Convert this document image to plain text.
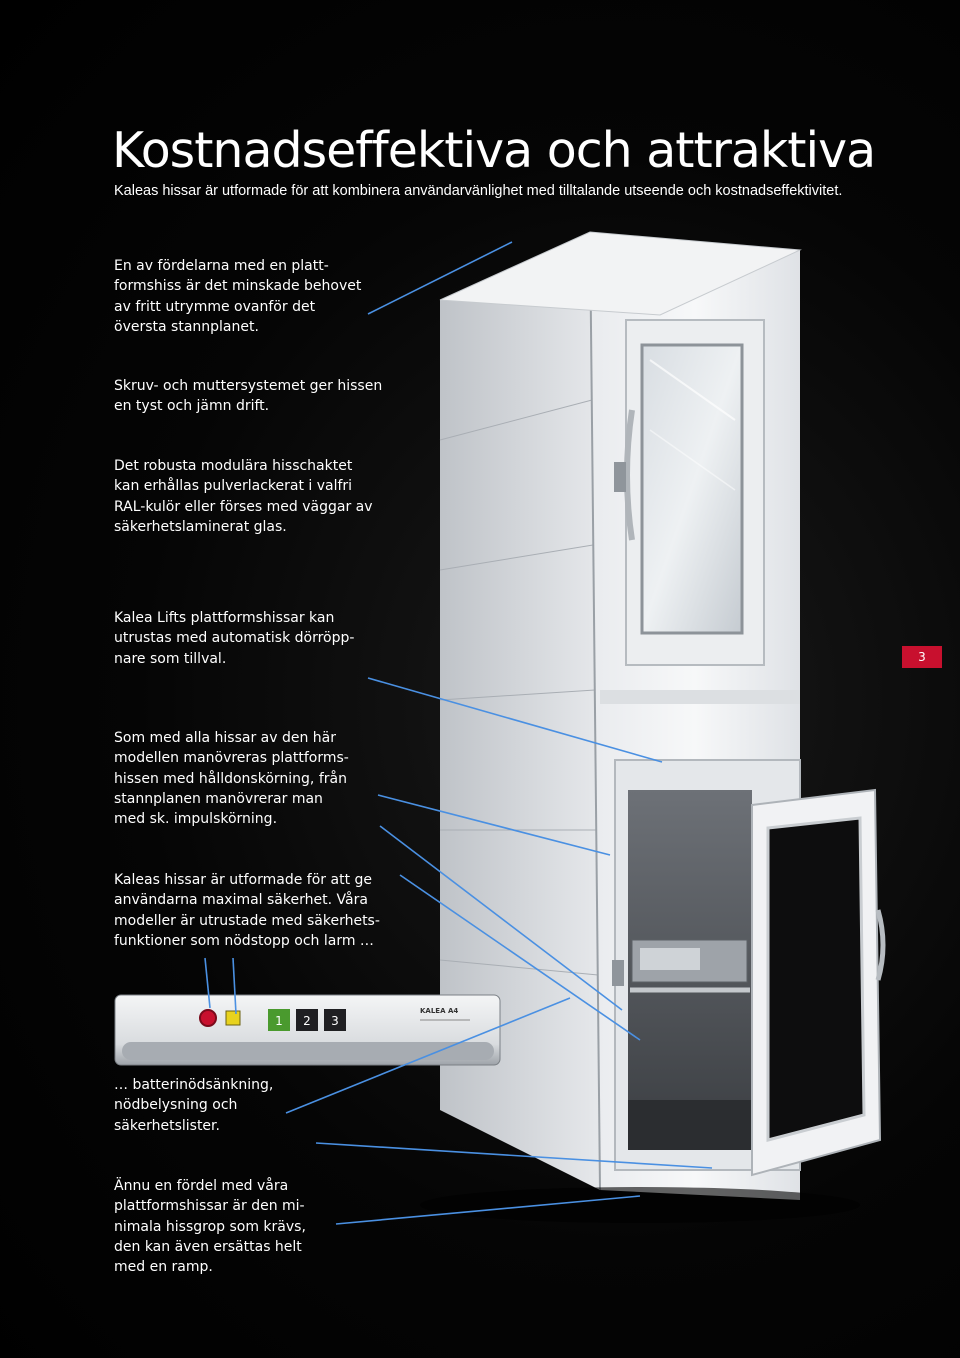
1 2 3
KALEA A4
Kostnadseffektiva och attraktiva
Kaleas hissar är utformade för att kombinera användarvänlighet med tilltalande utseende och kostnadseffektivitet.
En av fördelarna med en platt-
formshiss är det minskade behovet
av fritt utrymme ovanför det
översta stannplanet.
Skruv- och muttersystemet ger hissen
en tyst och jämn drift.
Det robusta modulära hisschaktet
kan erhållas pulverlackerat i valfri
RAL-kulör eller förses med väggar av
säkerhetslaminerat glas.
Kalea Lifts plattformshissar kan
utrustas med automatisk dörröpp-
nare som tillval.
Som med alla hissar av den här
modellen manövreras plattforms-
hissen med hålldonskörning, från
stannplanen manövrerar man
med sk. impulskörning.
Kaleas hissar är utformade för att ge
användarna maximal säkerhet. Våra
modeller är utrustade med säkerhets-
funktioner som nödstopp och larm …
… batterinödsänkning,
nödbelysning och
säkerhetslister.
Ännu en fördel med våra
plattformshissar är den mi-
nimala hissgrop som krävs,
den kan även ersättas helt
med en ramp.
3
